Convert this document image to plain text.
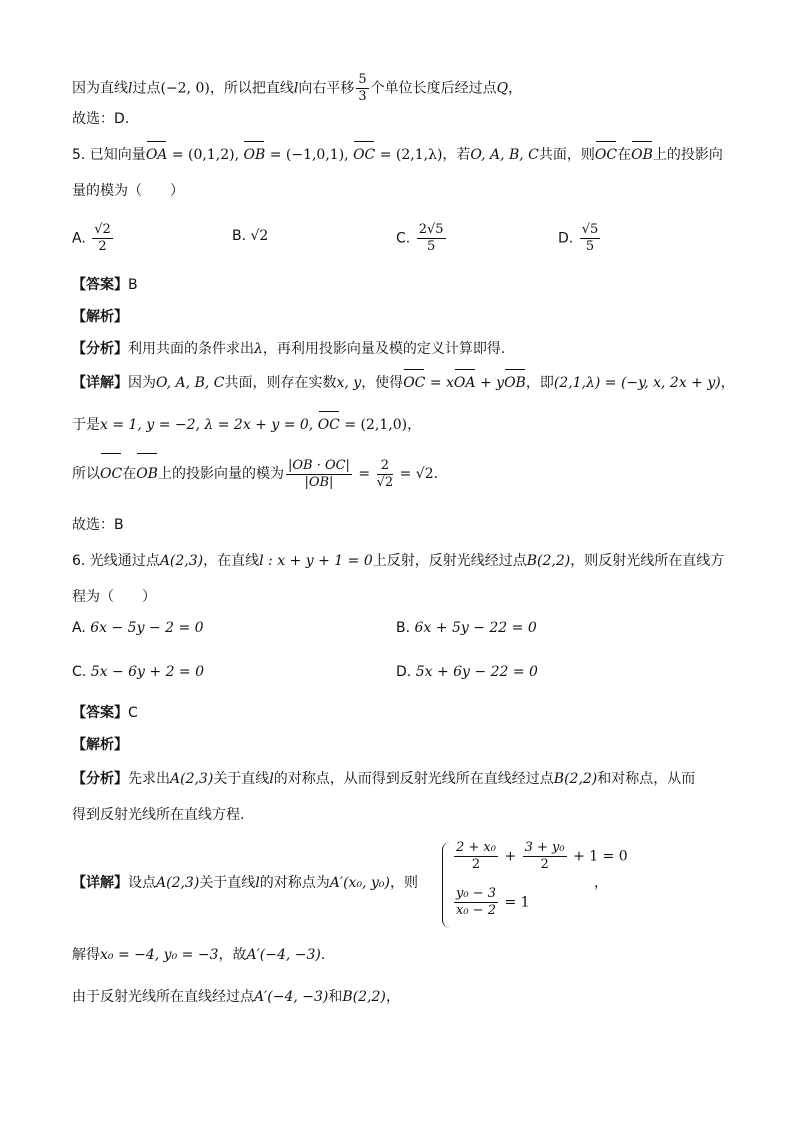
因为直线l过点(−2, 0)，所以把直线l向右平移 $\frac{5}{3}$ 个单位长度后经过点Q，
故选：D.
5. 已知向量OA = (0,1,2), OB = (−1,0,1), OC = (2,1,λ)，若O, A, B, C共面，则OC在OB上的投影向
量的模为（　　）
A. $\frac{√2}{2}$	B. √2	C. $\frac{2√5}{5}$	D. $\frac{√5}{5}$
【答案】B
【解析】
【分析】利用共面的条件求出λ，再利用投影向量及模的定义计算即得.
【详解】因为O, A, B, C共面，则存在实数x, y，使得OC = xOA + yOB，即(2,1,λ) = (−y, x, 2x + y)，
于是x = 1, y = −2, λ = 2x + y = 0, OC = (2,1,0)，
所以OC在OB上的投影向量的模为 $\frac{|OB \cdot OC|}{|OB|} = \frac{2}{√2} = √2$.
故选：B
6. 光线通过点A(2,3)，在直线l : x + y + 1 = 0上反射，反射光线经过点B(2,2)，则反射光线所在直线方
程为（　　）
A. 6x − 5y − 2 = 0	B. 6x + 5y − 22 = 0
C. 5x − 6y + 2 = 0	D. 5x + 6y − 22 = 0
【答案】C
【解析】
【分析】先求出A(2,3)关于直线l的对称点，从而得到反射光线所在直线经过点B(2,2)和对称点，从而
得到反射光线所在直线方程.
【详解】设点A(2,3)关于直线l的对称点为A′(x₀, y₀)，则
$\frac{\text{2 + x₀}}{2} + \frac{\text{3 + y₀}}{2} + 1 = 0$
$\frac{\text{y₀ − 3}}{\text{x₀ − 2}} = 1$
，
解得x₀ = −4, y₀ = −3，故A′(−4, −3).
由于反射光线所在直线经过点A′(−4, −3)和B(2,2)，
